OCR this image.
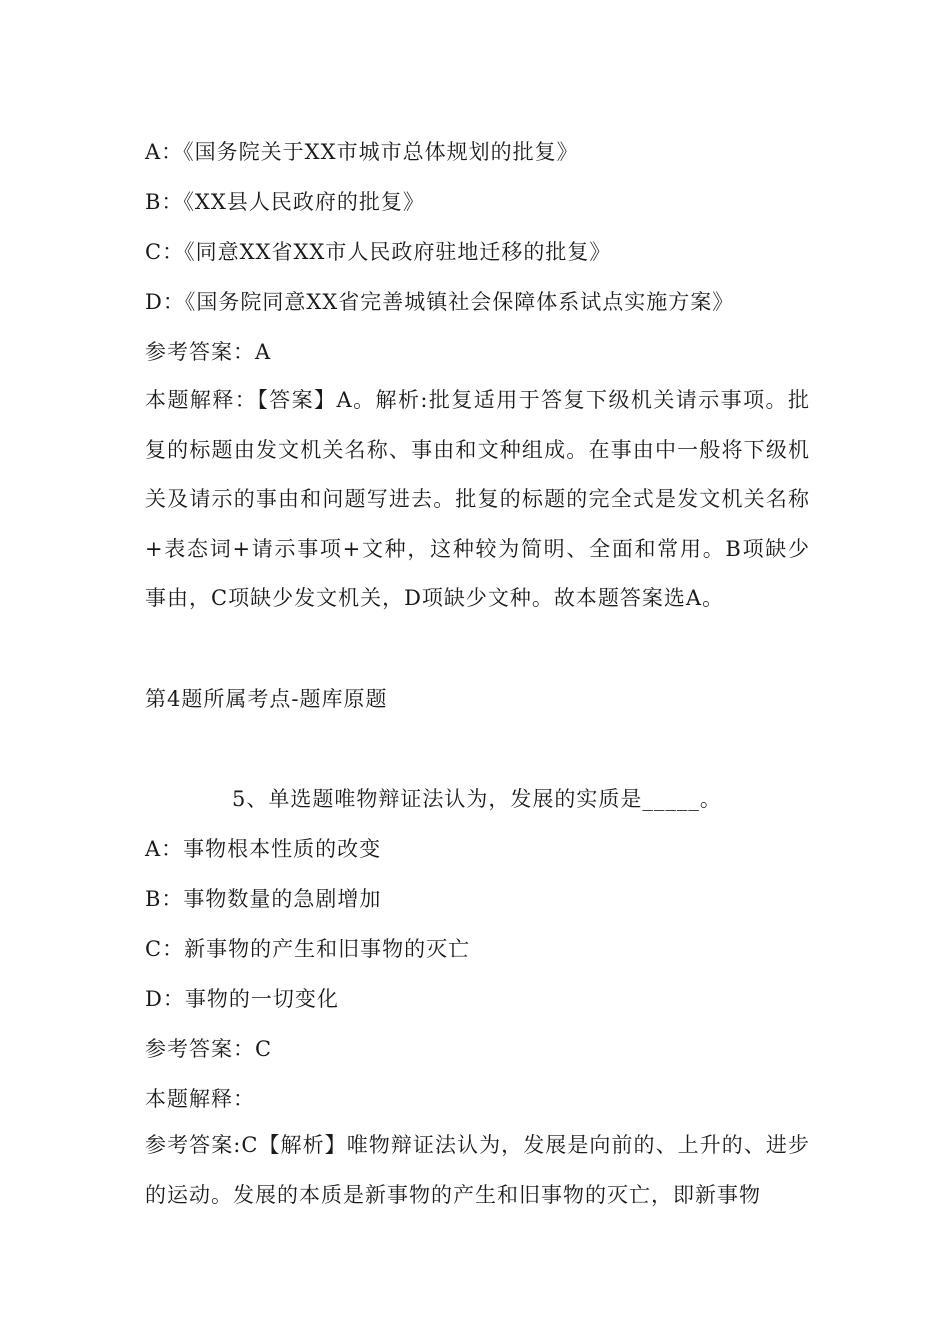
A：《国务院关于XX市城市总体规划的批复》
B：《XX县人民政府的批复》
C：《同意XX省XX市人民政府驻地迁移的批复》
D：《国务院同意XX省完善城镇社会保障体系试点实施方案》
参考答案：A
本题解释：【答案】A。解析:批复适用于答复下级机关请示事项。批复的标题由发文机关名称、事由和文种组成。在事由中一般将下级机关及请示的事由和问题写进去。批复的标题的完全式是发文机关名称+表态词+请示事项+文种，这种较为简明、全面和常用。B项缺少事由，C项缺少发文机关，D项缺少文种。故本题答案选A。
第4题所属考点-题库原题
5、单选题唯物辩证法认为，发展的实质是_____。
A：事物根本性质的改变
B：事物数量的急剧增加
C：新事物的产生和旧事物的灭亡
D：事物的一切变化
参考答案：C
本题解释：
参考答案:C【解析】唯物辩证法认为，发展是向前的、上升的、进步的运动。发展的本质是新事物的产生和旧事物的灭亡，即新事物
